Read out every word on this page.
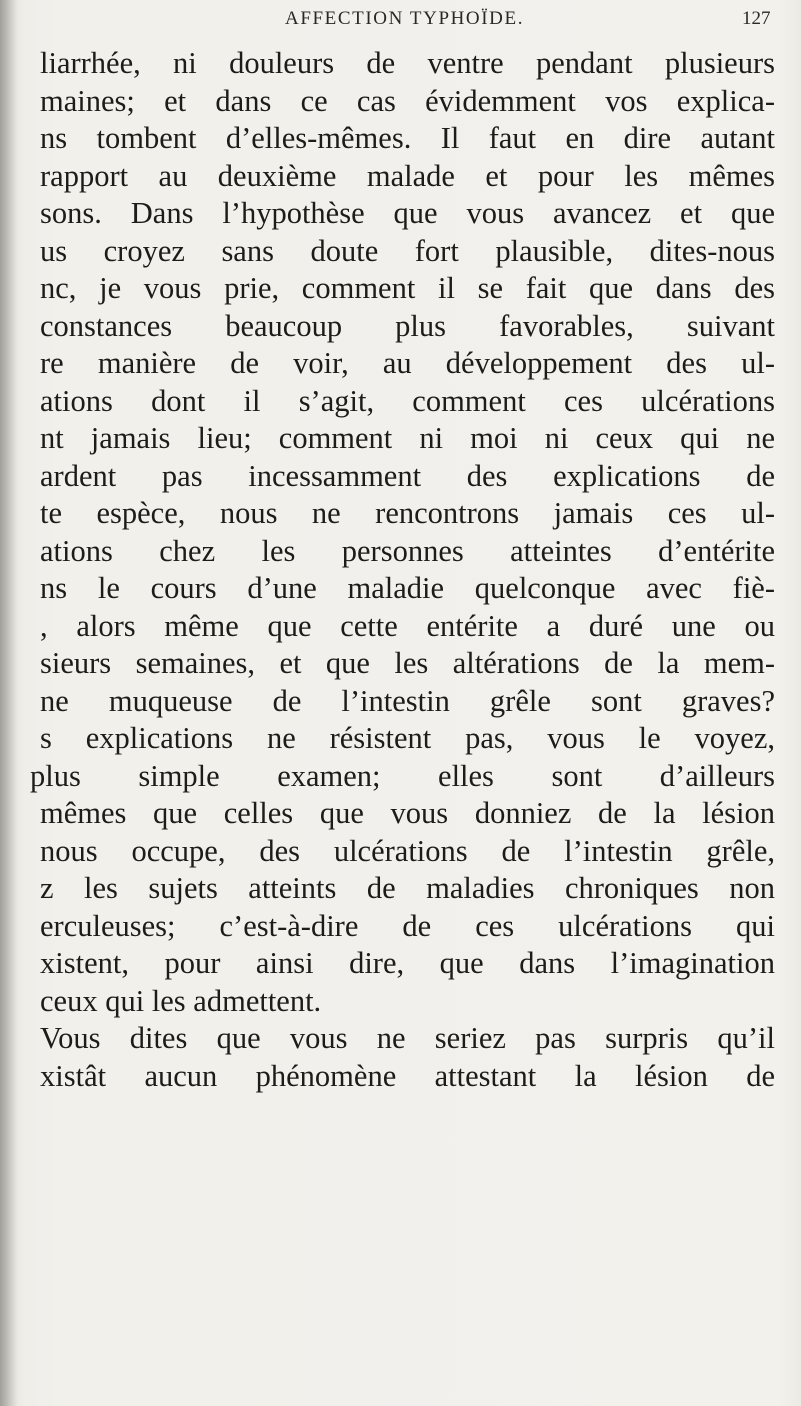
AFFECTION TYPHOÏDE.	127
liarrhée, ni douleurs de ventre pendant plusieurs
maines; et dans ce cas évidemment vos explica-
ns tombent d’elles-mêmes. Il faut en dire autant
rapport au deuxième malade et pour les mêmes
sons. Dans l’hypothèse que vous avancez et que
us croyez sans doute fort plausible, dites-nous
nc, je vous prie, comment il se fait que dans des
constances beaucoup plus favorables, suivant
re manière de voir, au développement des ul-
ations dont il s’agit, comment ces ulcérations
nt jamais lieu; comment ni moi ni ceux qui ne
ardent pas incessamment des explications de
te espèce, nous ne rencontrons jamais ces ul-
ations chez les personnes atteintes d’entérite
ns le cours d’une maladie quelconque avec fiè-
, alors même que cette entérite a duré une ou
sieurs semaines, et que les altérations de la mem-
ne muqueuse de l’intestin grêle sont graves?
s explications ne résistent pas, vous le voyez,
plus simple examen; elles sont d’ailleurs
mêmes que celles que vous donniez de la lésion
nous occupe, des ulcérations de l’intestin grêle,
z les sujets atteints de maladies chroniques non
erculeuses; c’est-à-dire de ces ulcérations qui
xistent, pour ainsi dire, que dans l’imagination
ceux qui les admettent.
Vous dites que vous ne seriez pas surpris qu’il
xistât aucun phénomène attestant la lésion de
